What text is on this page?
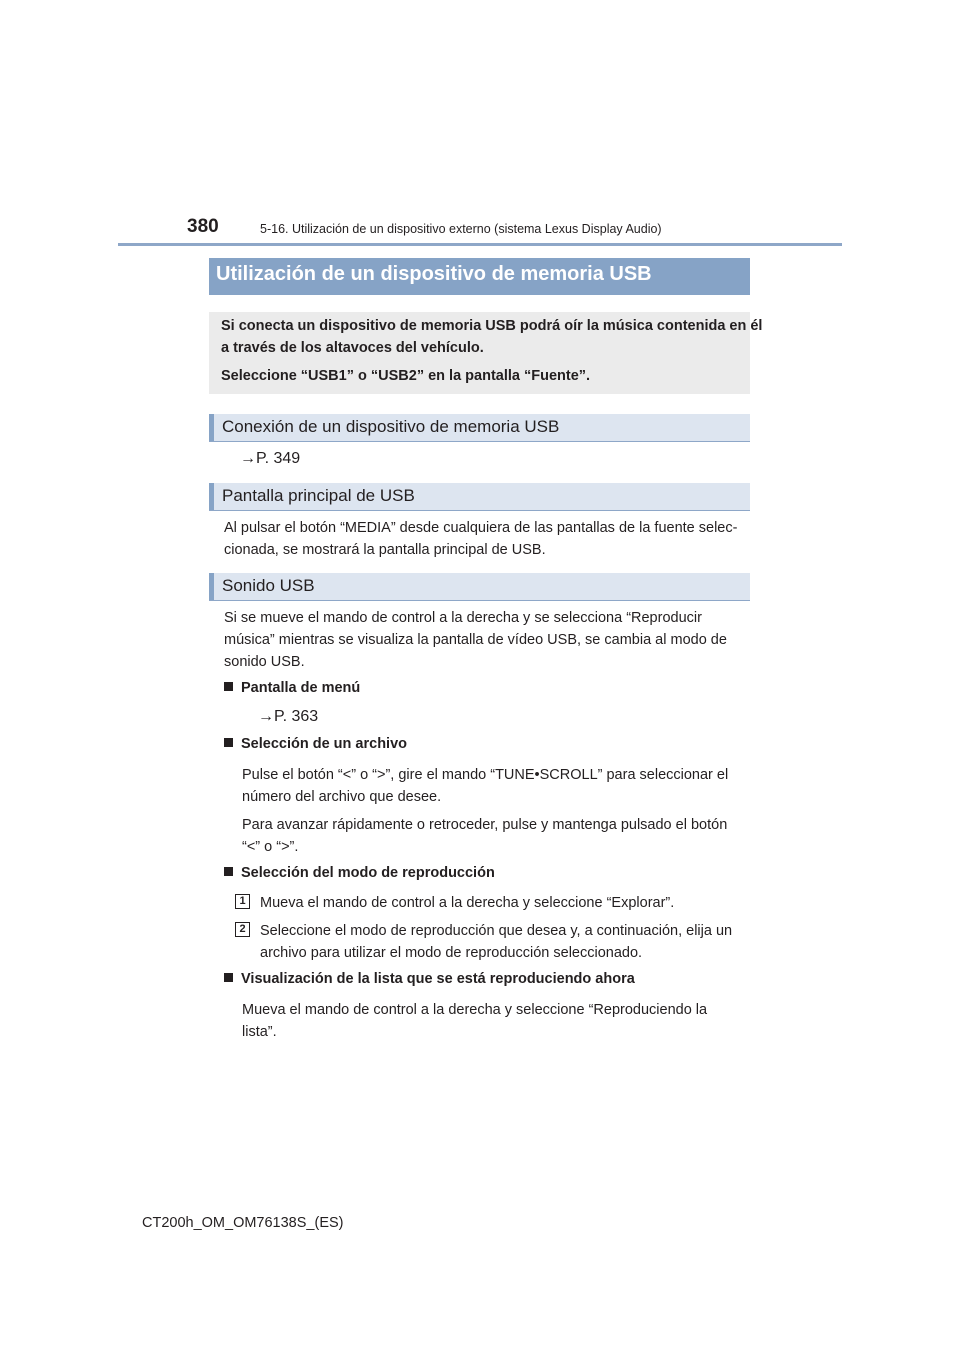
380	5-16. Utilización de un dispositivo externo (sistema Lexus Display Audio)
Utilización de un dispositivo de memoria USB
Si conecta un dispositivo de memoria USB podrá oír la música contenida en él
a través de los altavoces del vehículo.
Seleccione “USB1” o “USB2” en la pantalla “Fuente”.
Conexión de un dispositivo de memoria USB
→P. 349
Pantalla principal de USB
Al pulsar el botón “MEDIA” desde cualquiera de las pantallas de la fuente selec-
cionada, se mostrará la pantalla principal de USB.
Sonido USB
Si se mueve el mando de control a la derecha y se selecciona “Reproducir
música” mientras se visualiza la pantalla de vídeo USB, se cambia al modo de
sonido USB.
Pantalla de menú
→P. 363
Selección de un archivo
Pulse el botón “<” o “>”, gire el mando “TUNE•SCROLL” para seleccionar el
número del archivo que desee.
Para avanzar rápidamente o retroceder, pulse y mantenga pulsado el botón
“<” o “>”.
Selección del modo de reproducción
1 Mueva el mando de control a la derecha y seleccione “Explorar”.
2 Seleccione el modo de reproducción que desea y, a continuación, elija un
archivo para utilizar el modo de reproducción seleccionado.
Visualización de la lista que se está reproduciendo ahora
Mueva el mando de control a la derecha y seleccione “Reproduciendo la
lista”.
CT200h_OM_OM76138S_(ES)
